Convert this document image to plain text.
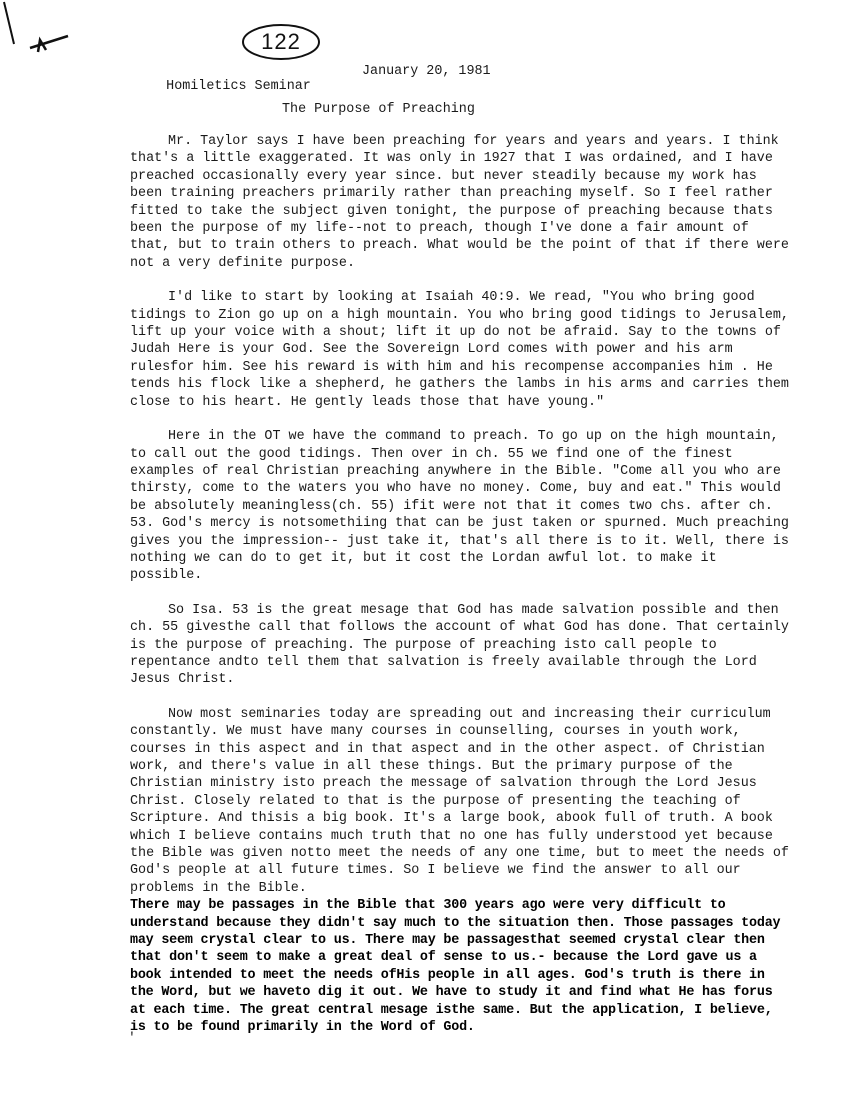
122

Homiletics Seminar

January 20, 1981

The Purpose of Preaching

Mr. Taylor says I have been preaching for years and years and years. I think that's a little exaggerated. It was only in 1927 that I was ordained, and I have preached occasionally every year since. but never steadily because my work has been training preachers primarily rather than preaching myself. So I feel rather fitted to take the subject given tonight, the purpose of preaching because thats been the purpose of my life--not to preach, though I've done a fair amount of that, but to train others to preach. What would be the point of that if there were not a very definite purpose.

I'd like to start by looking at Isaiah 40:9. We read, "You who bring good tidings to Zion go up on a high mountain. You who bring good tidings to Jerusalem, lift up your voice with a shout; lift it up do not be afraid. Say to the towns of Judah Here is your God. See the Sovereign Lord comes with power and his arm rulesfor him. See his reward is with him and his recompense accompanies him . He tends his flock like a shepherd, he gathers the lambs in his arms and carries them close to his heart. He gently leads those that have young."

Here in the OT we have the command to preach. To go up on the high mountain, to call out the good tidings. Then over in ch. 55 we find one of the finest examples of real Christian preaching anywhere in the Bible. "Come all you who are thirsty, come to the waters you who have no money. Come, buy and eat." This would be absolutely meaningless(ch. 55) ifit were not that it comes two chs. after ch. 53. God's mercy is notsomethiing that can be just taken or spurned. Much preaching gives you the impression-- just take it, that's all there is to it. Well, there is nothing we can do to get it, but it cost the Lordan awful lot. to make it possible.

So Isa. 53 is the great mesage that God has made salvation possible and then ch. 55 givesthe call that follows the account of what God has done. That certainly is the purpose of preaching. The purpose of preaching isto call people to repentance andto tell them that salvation is freely available through the Lord Jesus Christ.

Now most seminaries today are spreading out and increasing their curriculum constantly. We must have many courses in counselling, courses in youth work, courses in this aspect and in that aspect and in the other aspect. of Christian work, and there's value in all these things. But the primary purpose of the Christian ministry isto preach the message of salvation through the Lord Jesus Christ. Closely related to that is the purpose of presenting the teaching of Scripture. And thisis a big book. It's a large book, abook full of truth. A book which I believe contains much truth that no one has fully understood yet because the Bible was given notto meet the needs of any one time, but to meet the needs of God's people at all future times. So I believe we find the answer to all our problems in the Bible.

There may be passages in the Bible that 300 years ago were very difficult to understand because they didn't say much to the situation then. Those passages today may seem crystal clear to us. There may be passagesthat seemed crystal clear then that don't seem to make a great deal of sense to us.- because the Lord gave us a book intended to meet the needs ofHis people in all ages. God's truth is there in the Word, but we haveto dig it out. We have to study it and find what He has forus at each time. The great central mesage isthe same. But the application, I believe, is to be found primarily in the Word of God.

'
